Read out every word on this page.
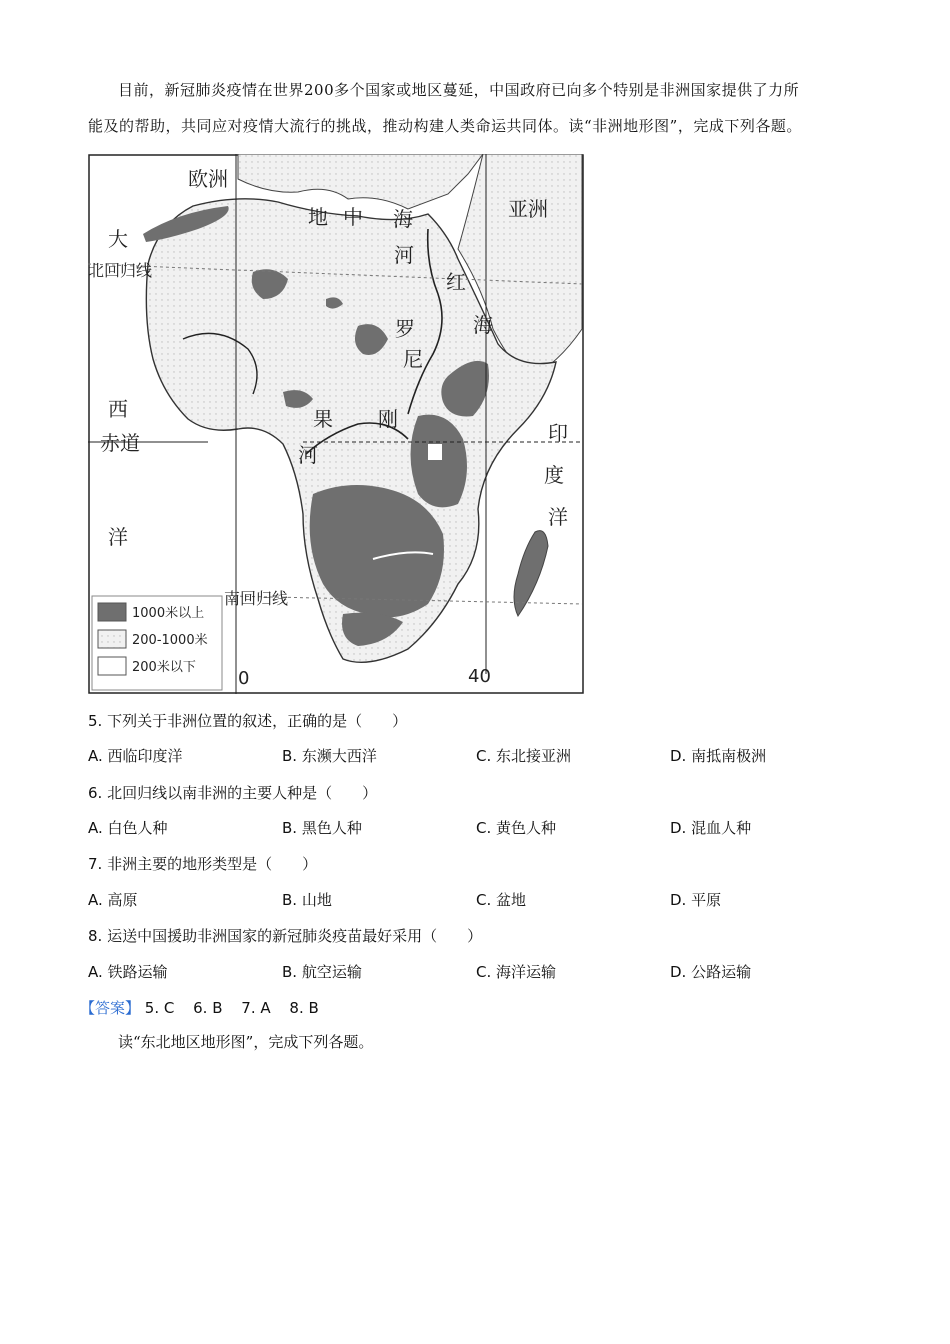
目前，新冠肺炎疫情在世界200多个国家或地区蔓延，中国政府已向多个特别是非洲国家提供了力所
能及的帮助，共同应对疫情大流行的挑战，推动构建人类命运共同体。读“非洲地形图”，完成下列各题。
欧洲
亚洲
地 中 海
河
罗
尼
红
海
大
西
洋
印
度
洋
刚
果
河
北回归线
赤道
南回归线
0	40
1000米以上
200-1000米
200米以下
5. 下列关于非洲位置的叙述，正确的是（　　）
A. 西临印度洋	B. 东濒大西洋	C. 东北接亚洲	D. 南抵南极洲
6. 北回归线以南非洲的主要人种是（　　）
A. 白色人种	B. 黑色人种	C. 黄色人种	D. 混血人种
7. 非洲主要的地形类型是（　　）
A. 高原	B. 山地	C. 盆地	D. 平原
8. 运送中国援助非洲国家的新冠肺炎疫苗最好采用（　　）
A. 铁路运输	B. 航空运输	C. 海洋运输	D. 公路运输
【答案】 5. C 6. B 7. A 8. B
读“东北地区地形图”，完成下列各题。
